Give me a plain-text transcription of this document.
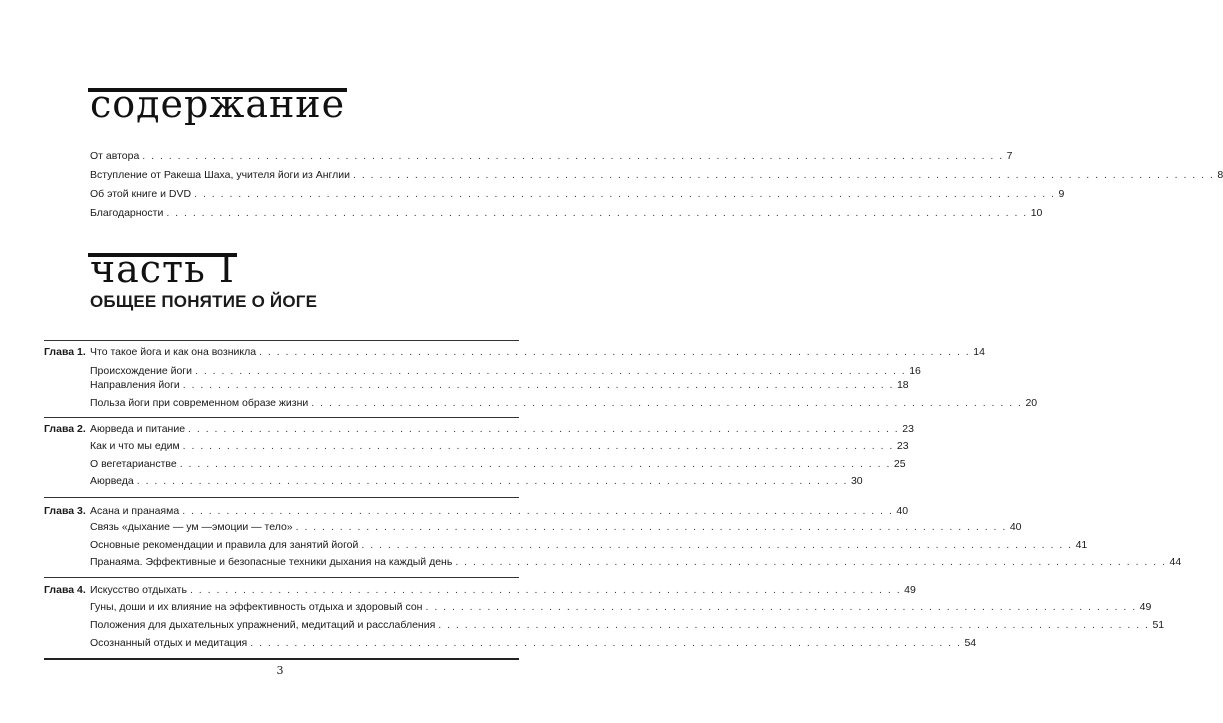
содержание
От автора . . . . . . . . . . . . . . . . . . . . . . . . . . . . . . . . . . . . . . . . . . . . . . . . . . . . . . . . . . . . . . . . . . . . . . . . . . . . . . . . . . . . . . . . . . . . . . . . . . 7
Вступление от Ракеша Шаха, учителя йоги из Англии . . . . . . . . . . . . . . . . . . . . . . . . . . . . . . . . . . . . . . . . . . . . . . . . . . . . . . . . . . . . . . . . . . . . . . . . . . . . . . . . . . . . . . . . . . . . . . . . . . 8
Об этой книге и DVD . . . . . . . . . . . . . . . . . . . . . . . . . . . . . . . . . . . . . . . . . . . . . . . . . . . . . . . . . . . . . . . . . . . . . . . . . . . . . . . . . . . . . . . . . . . . . . . . . . 9
Благодарности . . . . . . . . . . . . . . . . . . . . . . . . . . . . . . . . . . . . . . . . . . . . . . . . . . . . . . . . . . . . . . . . . . . . . . . . . . . . . . . . . . . . . . . . . . . . . . . . . . 10
часть I
ОБЩЕЕ ПОНЯТИЕ О ЙОГЕ
Глава 1. Что такое йога и как она возникла . . . . . . . . . . . . . . . . . . . . . . . . . . . . . . . . . . . . . . . . . . . . . . . . . . . . . . . . . . . . . . . . . . . . . . . . . . . . . . . . . 14
Происхождение йоги . . . . . . . . . . . . . . . . . . . . . . . . . . . . . . . . . . . . . . . . . . . . . . . . . . . . . . . . . . . . . . . . . . . . . . . . . . . . . . . . . 16
Направления йоги . . . . . . . . . . . . . . . . . . . . . . . . . . . . . . . . . . . . . . . . . . . . . . . . . . . . . . . . . . . . . . . . . . . . . . . . . . . . . . . . . 18
Польза йоги при современном образе жизни . . . . . . . . . . . . . . . . . . . . . . . . . . . . . . . . . . . . . . . . . . . . . . . . . . . . . . . . . . . . . . . . . . . . . . . . . . . . . . . . . 20
Глава 2. Аюрведа и питание . . . . . . . . . . . . . . . . . . . . . . . . . . . . . . . . . . . . . . . . . . . . . . . . . . . . . . . . . . . . . . . . . . . . . . . . . . . . . . . . . 23
Как и что мы едим . . . . . . . . . . . . . . . . . . . . . . . . . . . . . . . . . . . . . . . . . . . . . . . . . . . . . . . . . . . . . . . . . . . . . . . . . . . . . . . . . 23
О вегетарианстве . . . . . . . . . . . . . . . . . . . . . . . . . . . . . . . . . . . . . . . . . . . . . . . . . . . . . . . . . . . . . . . . . . . . . . . . . . . . . . . . . 25
Аюрведа . . . . . . . . . . . . . . . . . . . . . . . . . . . . . . . . . . . . . . . . . . . . . . . . . . . . . . . . . . . . . . . . . . . . . . . . . . . . . . . . . 30
Глава 3. Асана и пранаяма . . . . . . . . . . . . . . . . . . . . . . . . . . . . . . . . . . . . . . . . . . . . . . . . . . . . . . . . . . . . . . . . . . . . . . . . . . . . . . . . . 40
Связь «дыхание — ум —эмоции — тело» . . . . . . . . . . . . . . . . . . . . . . . . . . . . . . . . . . . . . . . . . . . . . . . . . . . . . . . . . . . . . . . . . . . . . . . . . . . . . . . . . 40
Основные рекомендации и правила для занятий йогой . . . . . . . . . . . . . . . . . . . . . . . . . . . . . . . . . . . . . . . . . . . . . . . . . . . . . . . . . . . . . . . . . . . . . . . . . . . . . . . . . 41
Пранаяма. Эффективные и безопасные техники дыхания на каждый день . . . . . . . . . . . . . . . . . . . . . . . . . . . . . . . . . . . . . . . . . . . . . . . . . . . . . . . . . . . . . . . . . . . . . . . . . . . . . . . . . 44
Глава 4. Искусство отдыхать . . . . . . . . . . . . . . . . . . . . . . . . . . . . . . . . . . . . . . . . . . . . . . . . . . . . . . . . . . . . . . . . . . . . . . . . . . . . . . . . . 49
Гуны, доши и их влияние на эффективность отдыха и здоровый сон . . . . . . . . . . . . . . . . . . . . . . . . . . . . . . . . . . . . . . . . . . . . . . . . . . . . . . . . . . . . . . . . . . . . . . . . . . . . . . . . . 49
Положения для дыхательных упражнений, медитаций и расслабления . . . . . . . . . . . . . . . . . . . . . . . . . . . . . . . . . . . . . . . . . . . . . . . . . . . . . . . . . . . . . . . . . . . . . . . . . . . . . . . . . 51
Осознанный отдых и медитация . . . . . . . . . . . . . . . . . . . . . . . . . . . . . . . . . . . . . . . . . . . . . . . . . . . . . . . . . . . . . . . . . . . . . . . . . . . . . . . . . 54
3
